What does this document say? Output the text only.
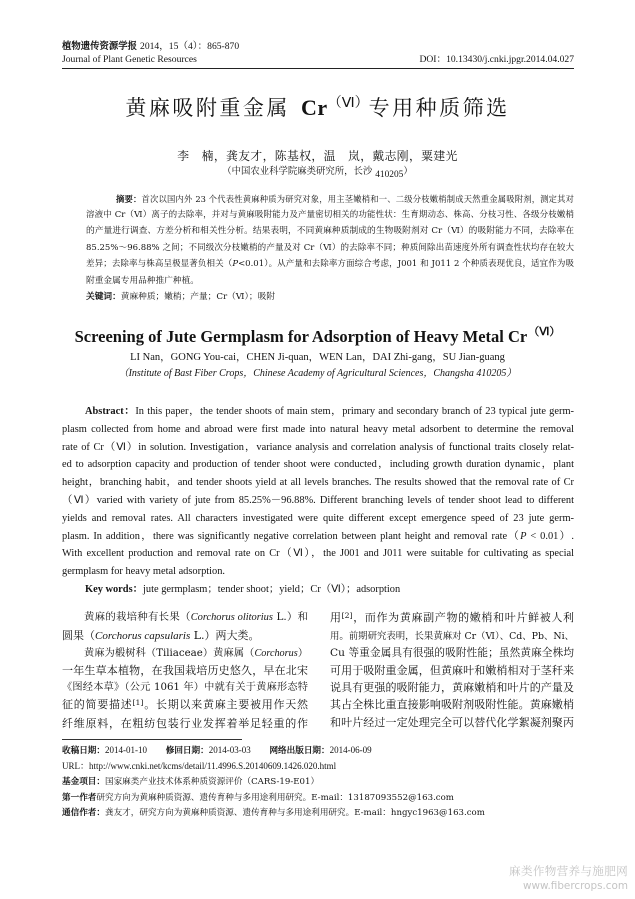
植物遗传资源学报 2014，15（4）：865-870
Journal of Plant Genetic Resources	DOI：10.13430/j.cnki.jpgr.2014.04.027
黄麻吸附重金属 $Cr^{(Ⅵ)}$专用种质筛选
李　楠，龚友才，陈基权，温　岚，戴志刚，粟建光
（中国农业科学院麻类研究所，长沙 410205）
摘要：首次以国内外 23 个代表性黄麻种质为研究对象，用主茎嫩梢和一、二级分枝嫩梢制成天然重金属吸附剂，测定其对
溶液中 Cr（Ⅵ）离子的去除率，并对与黄麻吸附能力及产量密切相关的功能性状：生育期动态、株高、分枝习性、各级分枝嫩梢
的产量进行调查、方差分析和相关性分析。结果表明，不同黄麻种质制成的生物吸附剂对 Cr（Ⅵ）的吸附能力不同，去除率在
85.25%～96.88% 之间；不同级次分枝嫩梢的产量及对 Cr（Ⅵ）的去除率不同；种质间除出苗速度外所有调查性状均存在较大
差异；去除率与株高呈极显著负相关（P<0.01）。从产量和去除率方面综合考虑，J001 和 J011 2 个种质表现优良，适宜作为吸
附重金属专用品种推广种植。
关键词：黄麻种质；嫩梢；产量；Cr（Ⅵ）；吸附
Screening of Jute Germplasm for Adsorption of Heavy Metal $Cr^{(Ⅵ)}$
LI Nan，GONG You-cai，CHEN Ji-quan，WEN Lan，DAI Zhi-gang，SU Jian-guang
（Institute of Bast Fiber Crops，Chinese Academy of Agricultural Sciences，Changsha 410205）
Abstract：In this paper，the tender shoots of main stem，primary and secondary branch of 23 typical jute germ-
plasm collected from home and abroad were first made into natural heavy metal adsorbent to determine the removal
rate of Cr（Ⅵ）in solution. Investigation，variance analysis and correlation analysis of functional traits closely relat-
ed to adsorption capacity and production of tender shoot were conducted，including growth duration dynamic，plant
height，branching habit，and tender shoots yield at all levels branches. The results showed that the removal rate of Cr
（Ⅵ）varied with variety of jute from 85.25%－96.88%. Different branching levels of tender shoot lead to different
yields and removal rates. All characters investigated were quite different except emergence speed of 23 jute germ-
plasm. In addition，there was significantly negative correlation between plant height and removal rate（P < 0.01）.
With excellent production and removal rate on Cr（Ⅵ），the J001 and J011 were suitable for cultivating as special
germplasm for heavy metal adsorption.
Key words：jute germplasm；tender shoot；yield；Cr（Ⅵ）；adsorption
黄麻的栽培种有长果（Corchorus olitorius L.）和
圆果（Corchorus capsularis L.）两大类。
黄麻为椴树科（Tiliaceae）黄麻属（Corchorus）
一年生草本植物，在我国栽培历史悠久，早在北宋
《图经本草》（公元 1061 年）中就有关于黄麻形态特
征的简要描述[1]。长期以来黄麻主要被用作天然
纤维原料，在粗纺包装行业发挥着举足轻重的作
用[2]，而作为黄麻副产物的嫩梢和叶片鲜被人利
用。前期研究表明，长果黄麻对 Cr（Ⅵ）、Cd、Pb、Ni、
Cu 等重金属具有很强的吸附性能；虽然黄麻全株均
可用于吸附重金属，但黄麻叶和嫩梢相对于茎秆来
说具有更强的吸附能力，黄麻嫩梢和叶片的产量及
其占全株比重直接影响吸附剂吸附性能。黄麻嫩梢
和叶片经过一定处理完全可以替代化学絮凝剂聚丙
收稿日期：2014-01-10 修回日期：2014-03-03 网络出版日期：2014-06-09
URL：http://www.cnki.net/kcms/detail/11.4996.S.20140609.1426.020.html
基金项目：国家麻类产业技术体系种质资源评价（CARS-19-E01）
第一作者研究方向为黄麻种质资源、遗传育种与多用途利用研究。E-mail：13187093552@163.com
通信作者：龚友才，研究方向为黄麻种质资源、遗传育种与多用途利用研究。E-mail：hngyc1963@163.com
麻类作物营养与施肥网
www.fibercrops.com
